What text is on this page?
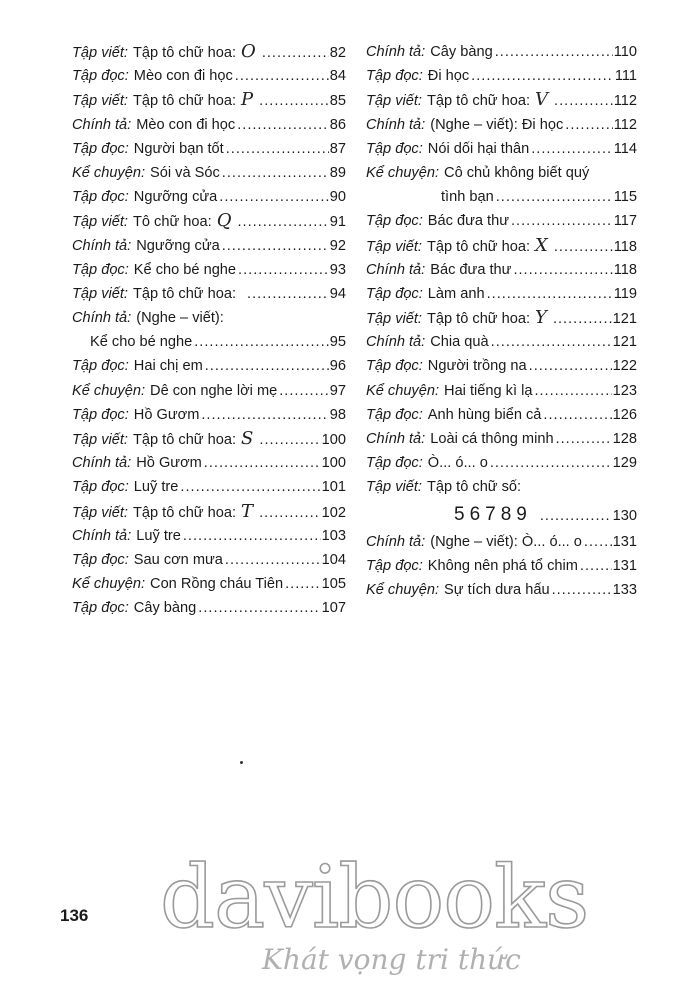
Tập viết: Tập tô chữ hoa: O .....	82
Tập đọc: Mèo con đi học .....	84
Tập viết: Tập tô chữ hoa: P .....	85
Chính tả: Mèo con đi học .....	86
Tập đọc: Người bạn tốt .....	87
Kể chuyện: Sói và Sóc .....	89
Tập đọc: Ngưỡng cửa .....	90
Tập viết: Tô chữ hoa: Q .....	91
Chính tả: Ngưỡng cửa .....	92
Tập đọc: Kể cho bé nghe .....	93
Tập viết: Tập tô chữ hoa: .....	94
Chính tả: (Nghe – viết):
Kể cho bé nghe .....	95
Tập đọc: Hai chị em .....	96
Kể chuyện: Dê con nghe lời mẹ .....	97
Tập đọc: Hồ Gươm .....	98
Tập viết: Tập tô chữ hoa: S .....	100
Chính tả: Hồ Gươm .....	100
Tập đọc: Luỹ tre .....	101
Tập viết: Tập tô chữ hoa: T .....	102
Chính tả: Luỹ tre .....	103
Tập đọc: Sau cơn mưa .....	104
Kể chuyện: Con Rồng cháu Tiên .....	105
Tập đọc: Cây bàng .....	107
Chính tả: Cây bàng .....	110
Tập đọc: Đi học .....	111
Tập viết: Tập tô chữ hoa: V .....	112
Chính tả: (Nghe – viết): Đi học .....	112
Tập đọc: Nói dối hại thân .....	114
Kể chuyện: Cô chủ không biết quý
tình bạn .....	115
Tập đọc: Bác đưa thư .....	117
Tập viết: Tập tô chữ hoa: X .....	118
Chính tả: Bác đưa thư .....	118
Tập đọc: Làm anh .....	119
Tập viết: Tập tô chữ hoa: Y .....	121
Chính tả: Chia quà .....	121
Tập đọc: Người trồng na .....	122
Kể chuyện: Hai tiếng kì lạ .....	123
Tập đọc: Anh hùng biển cả .....	126
Chính tả: Loài cá thông minh .....	128
Tập đọc: Ò... ó... o .....	129
Tập viết: Tập tô chữ số:
56789 .....	130
Chính tả: (Nghe – viết): Ò... ó... o ..... 131
Tập đọc: Không nên phá tổ chim ..... 131
Kể chuyện: Sự tích dưa hấu .....	133
136 davibooks
Khát vọng tri thức
